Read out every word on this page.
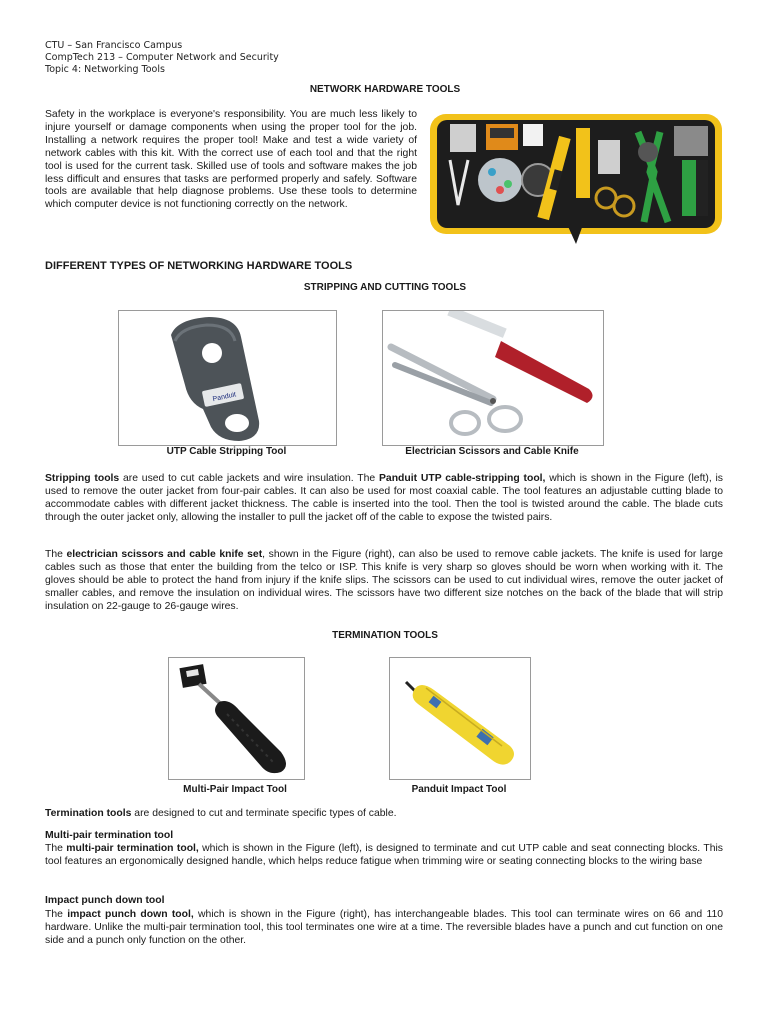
CTU – San Francisco Campus
CompTech 213 – Computer Network and Security
Topic 4: Networking Tools
NETWORK HARDWARE TOOLS
Safety in the workplace is everyone's responsibility. You are much less likely to injure yourself or damage components when using the proper tool for the job. Installing a network requires the proper tool! Make and test a wide variety of network cables with this kit. With the correct use of each tool and that the right tool is used for the current task. Skilled use of tools and software makes the job less difficult and ensures that tasks are performed properly and safely. Software tools are available that help diagnose problems. Use these tools to determine which computer device is not functioning correctly on the network.
DIFFERENT TYPES OF NETWORKING HARDWARE TOOLS
STRIPPING AND CUTTING TOOLS
Panduit
UTP Cable Stripping Tool	Electrician Scissors and Cable Knife
Stripping tools are used to cut cable jackets and wire insulation. The Panduit UTP cable-stripping tool, which is shown in the Figure (left), is used to remove the outer jacket from four-pair cables. It can also be used for most coaxial cable. The tool features an adjustable cutting blade to accommodate cables with different jacket thickness. The cable is inserted into the tool. Then the tool is twisted around the cable. The blade cuts through the outer jacket only, allowing the installer to pull the jacket off of the cable to expose the twisted pairs.
The electrician scissors and cable knife set, shown in the Figure (right), can also be used to remove cable jackets. The knife is used for large cables such as those that enter the building from the telco or ISP. This knife is very sharp so gloves should be worn when working with it. The gloves should be able to protect the hand from injury if the knife slips. The scissors can be used to cut individual wires, remove the outer jacket of smaller cables, and remove the insulation on individual wires. The scissors have two different size notches on the back of the blade that will strip insulation on 22-gauge to 26-gauge wires.
TERMINATION TOOLS
Multi-Pair Impact Tool	Panduit Impact Tool
Termination tools are designed to cut and terminate specific types of cable.
Multi-pair termination tool
The multi-pair termination tool, which is shown in the Figure (left), is designed to terminate and cut UTP cable and seat connecting blocks. This tool features an ergonomically designed handle, which helps reduce fatigue when trimming wire or seating connecting blocks to the wiring base
Impact punch down tool
The impact punch down tool, which is shown in the Figure (right), has interchangeable blades. This tool can terminate wires on 66 and 110 hardware. Unlike the multi-pair termination tool, this tool terminates one wire at a time. The reversible blades have a punch and cut function on one side and a punch only function on the other.
